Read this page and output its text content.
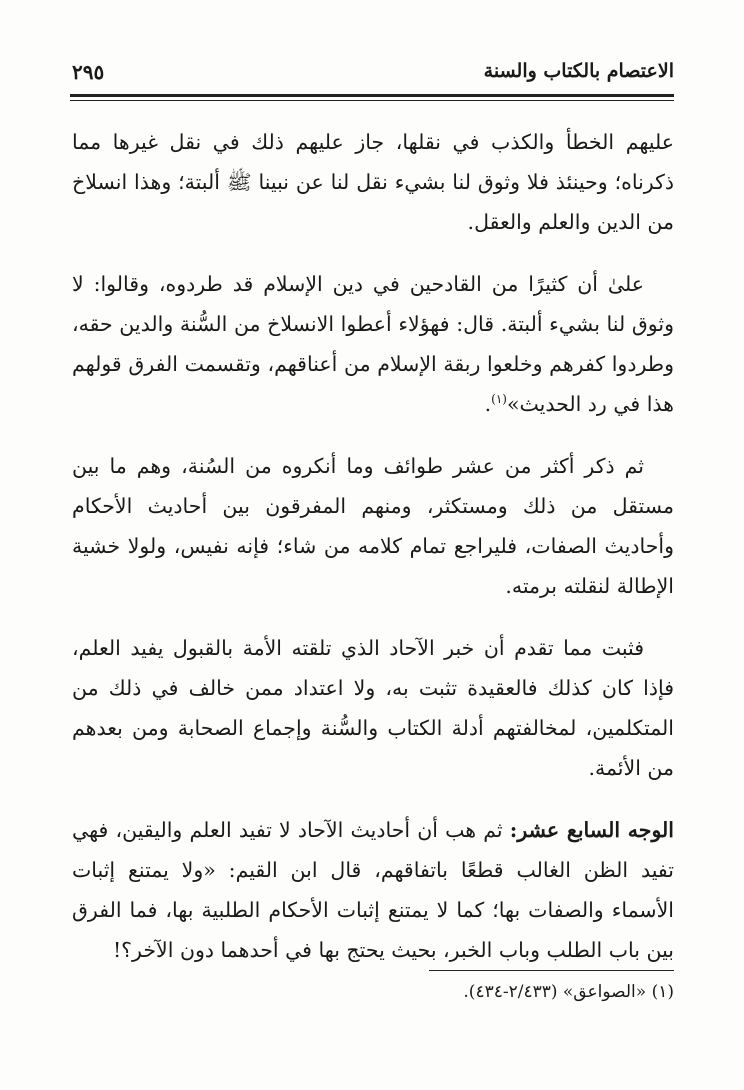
الاعتصام بالكتاب والسنة
٢٩٥

عليهم الخطأ والكذب في نقلها، جاز عليهم ذلك في نقل غيرها مما ذكرناه؛ وحينئذ فلا وثوق لنا بشيء نقل لنا عن نبينا ﷺ ألبتة؛ وهذا انسلاخ من الدين والعلم والعقل.

علىٰ أن كثيرًا من القادحين في دين الإسلام قد طردوه، وقالوا: لا وثوق لنا بشيء ألبتة. قال: فهؤلاء أعطوا الانسلاخ من السُّنة والدين حقه، وطردوا كفرهم وخلعوا ربقة الإسلام من أعناقهم، وتقسمت الفرق قولهم هذا في رد الحديث»$^{(١)}$.

ثم ذكر أكثر من عشر طوائف وما أنكروه من السُنة، وهم ما بين مستقل من ذلك ومستكثر، ومنهم المفرقون بين أحاديث الأحكام وأحاديث الصفات، فليراجع تمام كلامه من شاء؛ فإنه نفيس، ولولا خشية الإطالة لنقلته برمته.

فثبت مما تقدم أن خبر الآحاد الذي تلقته الأمة بالقبول يفيد العلم، فإذا كان كذلك فالعقيدة تثبت به، ولا اعتداد ممن خالف في ذلك من المتكلمين، لمخالفتهم أدلة الكتاب والسُّنة وإجماع الصحابة ومن بعدهم من الأئمة.

الوجه السابع عشر: ثم هب أن أحاديث الآحاد لا تفيد العلم واليقين، فهي تفيد الظن الغالب قطعًا باتفاقهم، قال ابن القيم: «ولا يمتنع إثبات الأسماء والصفات بها؛ كما لا يمتنع إثبات الأحكام الطلبية بها، فما الفرق بين باب الطلب وباب الخبر، بحيث يحتج بها في أحدهما دون الآخر؟!

(١) «الصواعق» (٢/٤٣٣-٤٣٤).
